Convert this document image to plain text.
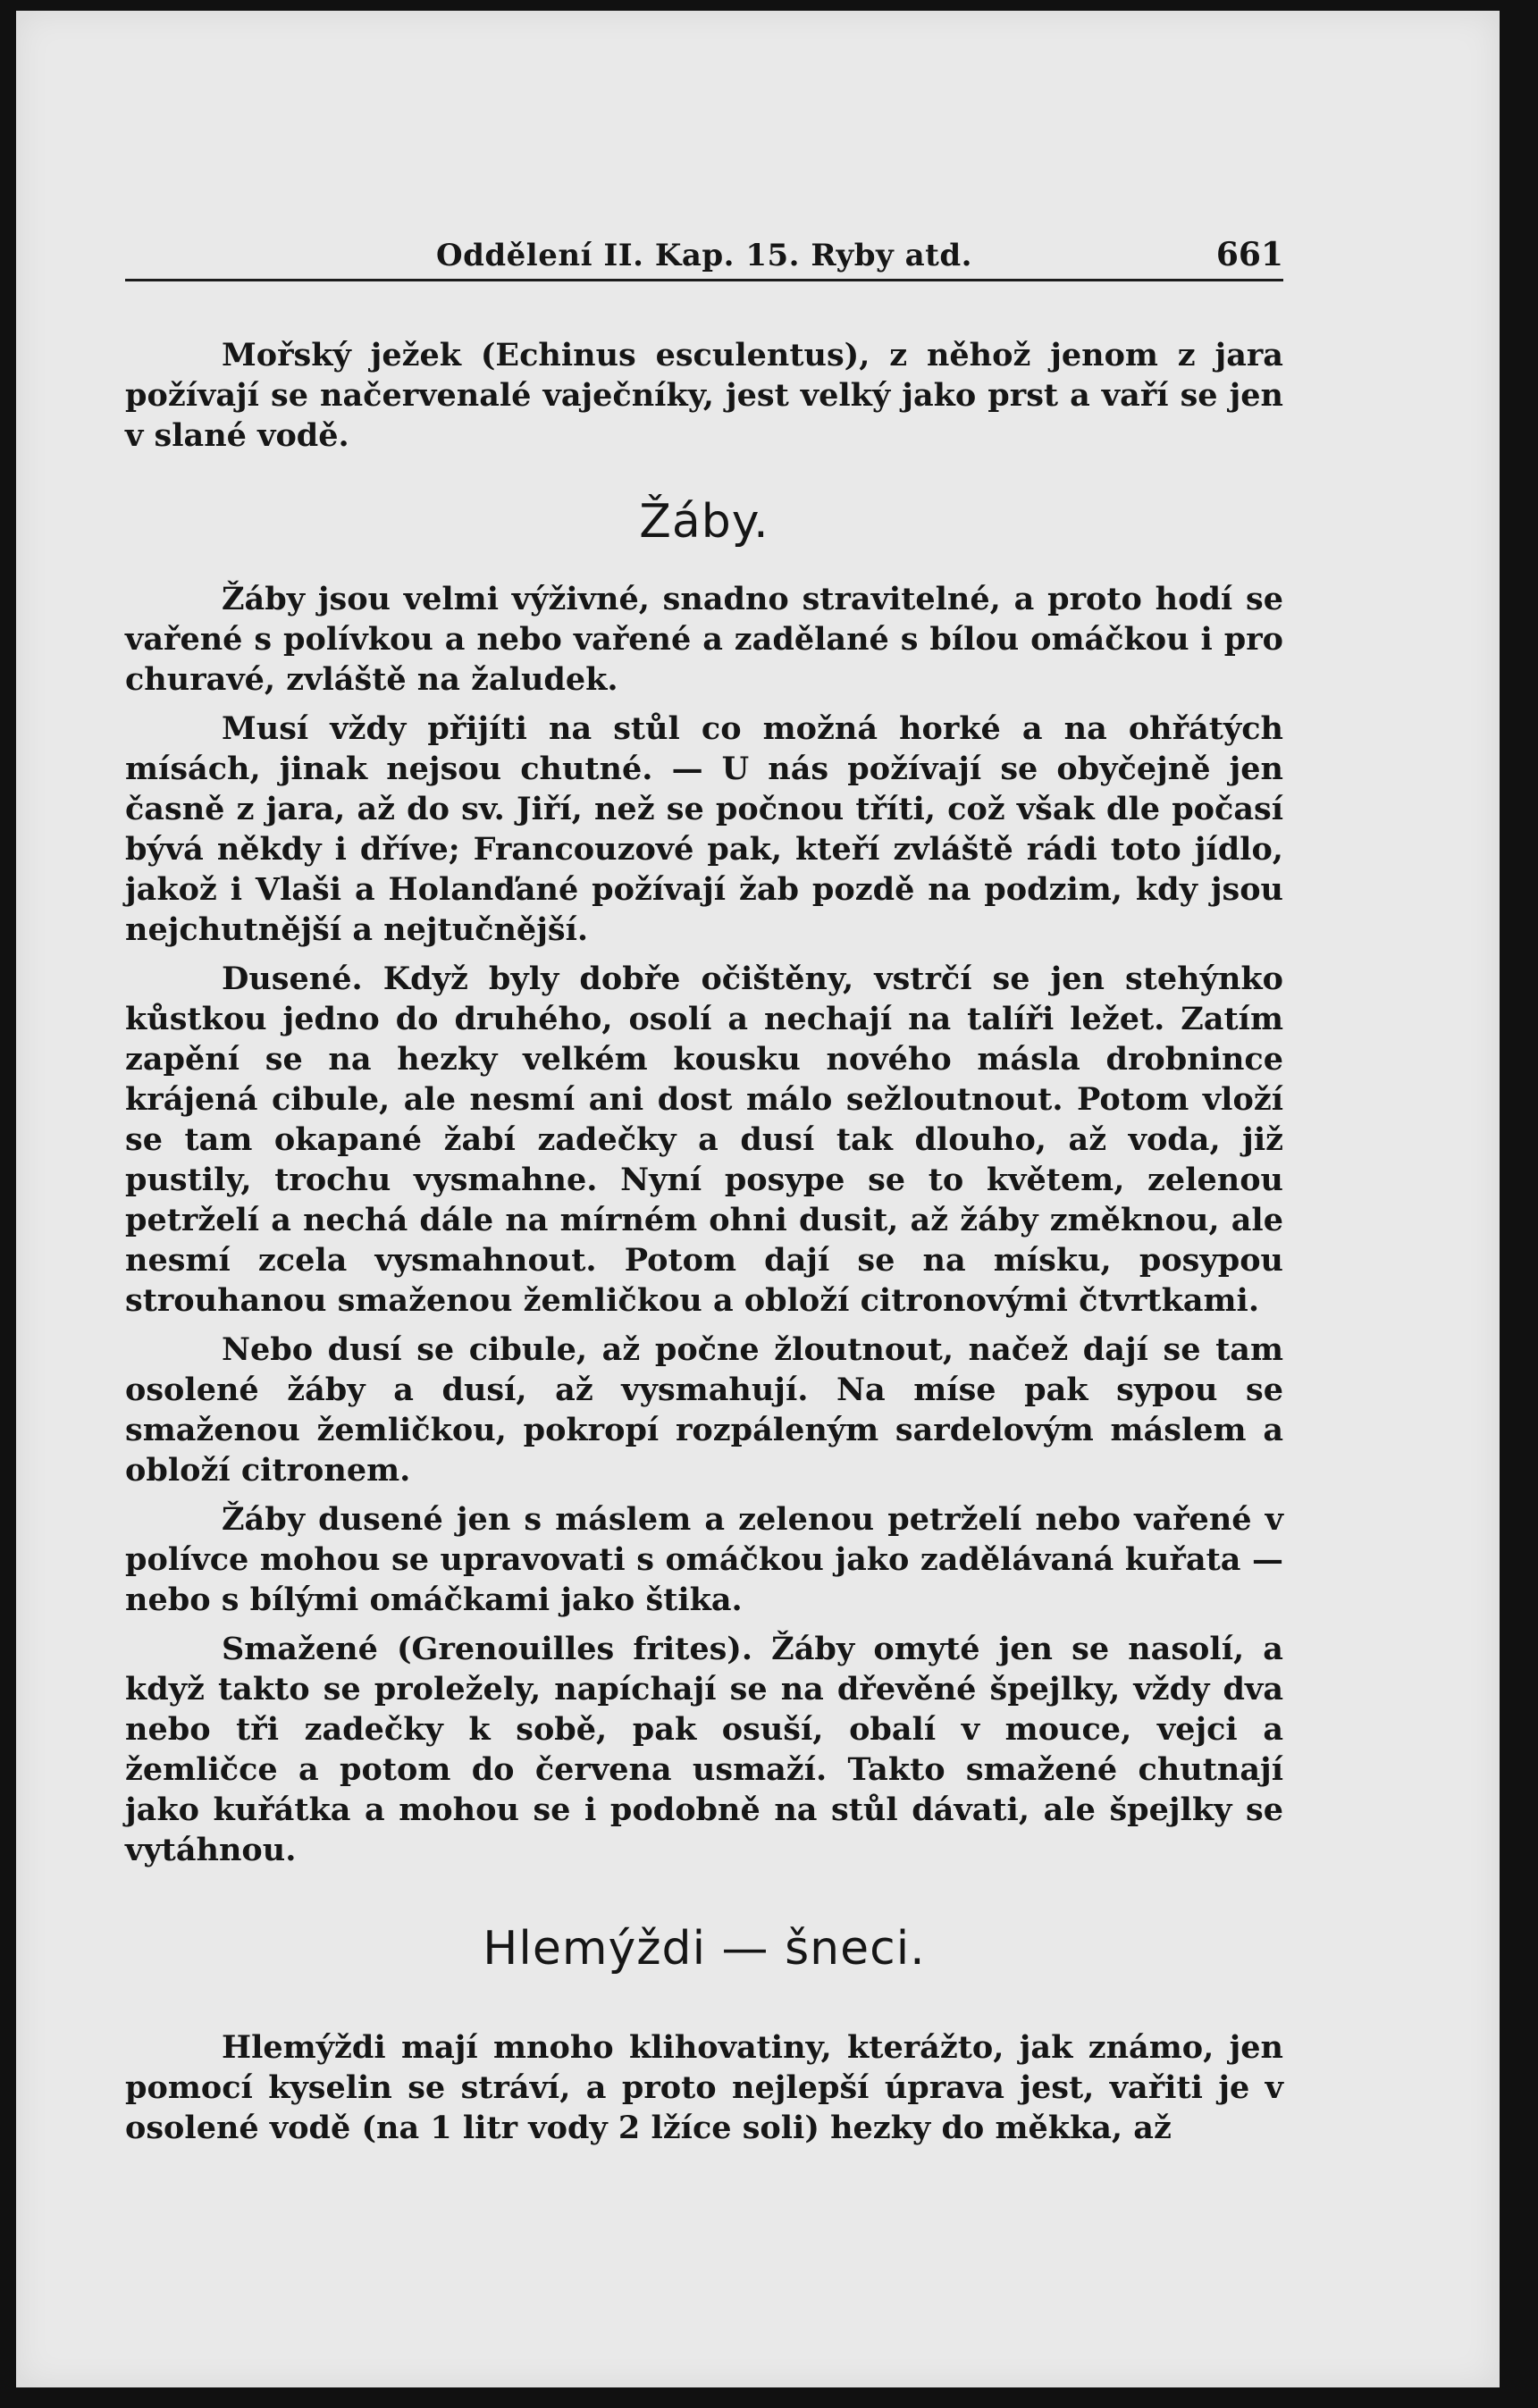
Oddělení II. Kap. 15. Ryby atd.	661

Mořský ježek (Echinus esculentus), z něhož jenom z jara požívají se načervenalé vaječníky, jest velký jako prst a vaří se jen v slané vodě.

Žáby.

Žáby jsou velmi výživné, snadno stravitelné, a proto hodí se vařené s polívkou a nebo vařené a zadělané s bílou omáčkou i pro churavé, zvláště na žaludek.

Musí vždy přijíti na stůl co možná horké a na ohřátých mísách, jinak nejsou chutné. — U nás požívají se obyčejně jen časně z jara, až do sv. Jiří, než se počnou tříti, což však dle počasí bývá někdy i dříve; Francouzové pak, kteří zvláště rádi toto jídlo, jakož i Vlaši a Holanďané požívají žab pozdě na podzim, kdy jsou nejchutnější a nejtučnější.

Dusené. Když byly dobře očištěny, vstrčí se jen stehýnko kůstkou jedno do druhého, osolí a nechají na talíři ležet. Zatím zapění se na hezky velkém kousku nového másla drobnince krájená cibule, ale nesmí ani dost málo sežloutnout. Potom vloží se tam okapané žabí zadečky a dusí tak dlouho, až voda, již pustily, trochu vysmahne. Nyní posype se to květem, zelenou petrželí a nechá dále na mírném ohni dusit, až žáby změknou, ale nesmí zcela vysmahnout. Potom dají se na mísku, posypou strouhanou smaženou žemličkou a obloží citronovými čtvrtkami.

Nebo dusí se cibule, až počne žloutnout, načež dají se tam osolené žáby a dusí, až vysmahují. Na míse pak sypou se smaženou žemličkou, pokropí rozpáleným sardelovým máslem a obloží citronem.

Žáby dusené jen s máslem a zelenou petrželí nebo vařené v polívce mohou se upravovati s omáčkou jako zadělávaná kuřata — nebo s bílými omáčkami jako štika.

Smažené (Grenouilles frites). Žáby omyté jen se nasolí, a když takto se proležely, napíchají se na dřevěné špejlky, vždy dva nebo tři zadečky k sobě, pak osuší, obalí v mouce, vejci a žemličce a potom do červena usmaží. Takto smažené chutnají jako kuřátka a mohou se i podobně na stůl dávati, ale špejlky se vytáhnou.

Hlemýždi — šneci.

Hlemýždi mají mnoho klihovatiny, kterážto, jak známo, jen pomocí kyselin se stráví, a proto nejlepší úprava jest, vařiti je v osolené vodě (na 1 litr vody 2 lžíce soli) hezky do měkka, až
